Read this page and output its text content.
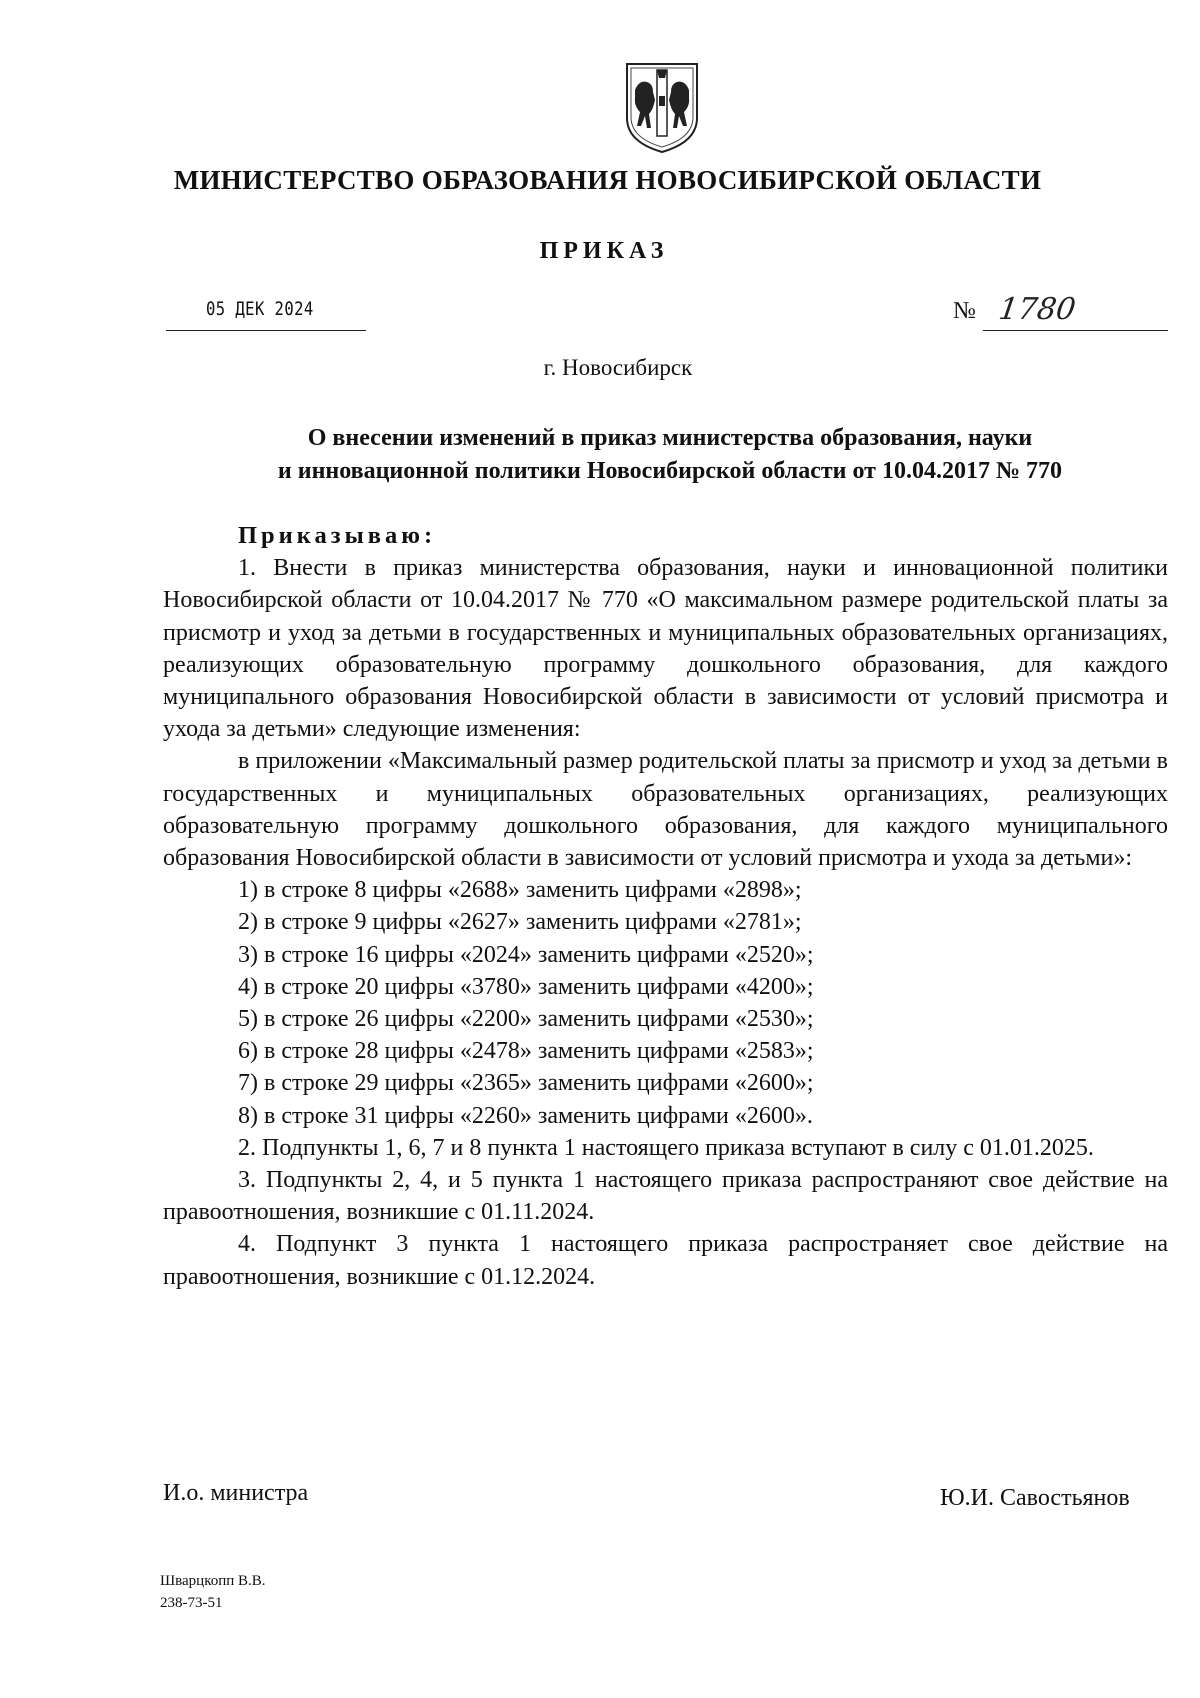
МИНИСТЕРСТВО ОБРАЗОВАНИЯ НОВОСИБИРСКОЙ ОБЛАСТИ
ПРИКАЗ
05 ДЕК 2024	№ 1780
г. Новосибирск
О внесении изменений в приказ министерства образования, науки
и инновационной политики Новосибирской области от 10.04.2017 № 770
Приказываю:

1. Внести в приказ министерства образования, науки и инновационной политики Новосибирской области от 10.04.2017 № 770 «О максимальном размере родительской платы за присмотр и уход за детьми в государственных и муниципальных образовательных организациях, реализующих образовательную программу дошкольного образования, для каждого муниципального образования Новосибирской области в зависимости от условий присмотра и ухода за детьми» следующие изменения:

в приложении «Максимальный размер родительской платы за присмотр и уход за детьми в государственных и муниципальных образовательных организациях, реализующих образовательную программу дошкольного образования, для каждого муниципального образования Новосибирской области в зависимости от условий присмотра и ухода за детьми»:

1) в строке 8 цифры «2688» заменить цифрами «2898»;

2) в строке 9 цифры «2627» заменить цифрами «2781»;

3) в строке 16 цифры «2024» заменить цифрами «2520»;

4) в строке 20 цифры «3780» заменить цифрами «4200»;

5) в строке 26 цифры «2200» заменить цифрами «2530»;

6) в строке 28 цифры «2478» заменить цифрами «2583»;

7) в строке 29 цифры «2365» заменить цифрами «2600»;

8) в строке 31 цифры «2260» заменить цифрами «2600».

2. Подпункты 1, 6, 7 и 8 пункта 1 настоящего приказа вступают в силу с 01.01.2025.

3. Подпункты 2, 4, и 5 пункта 1 настоящего приказа распространяют свое действие на правоотношения, возникшие с 01.11.2024.

4. Подпункт 3 пункта 1 настоящего приказа распространяет свое действие на правоотношения, возникшие с 01.12.2024.

И.о. министра	Ю.И. Савостьянов
Шварцкопп В.В.
238-73-51
